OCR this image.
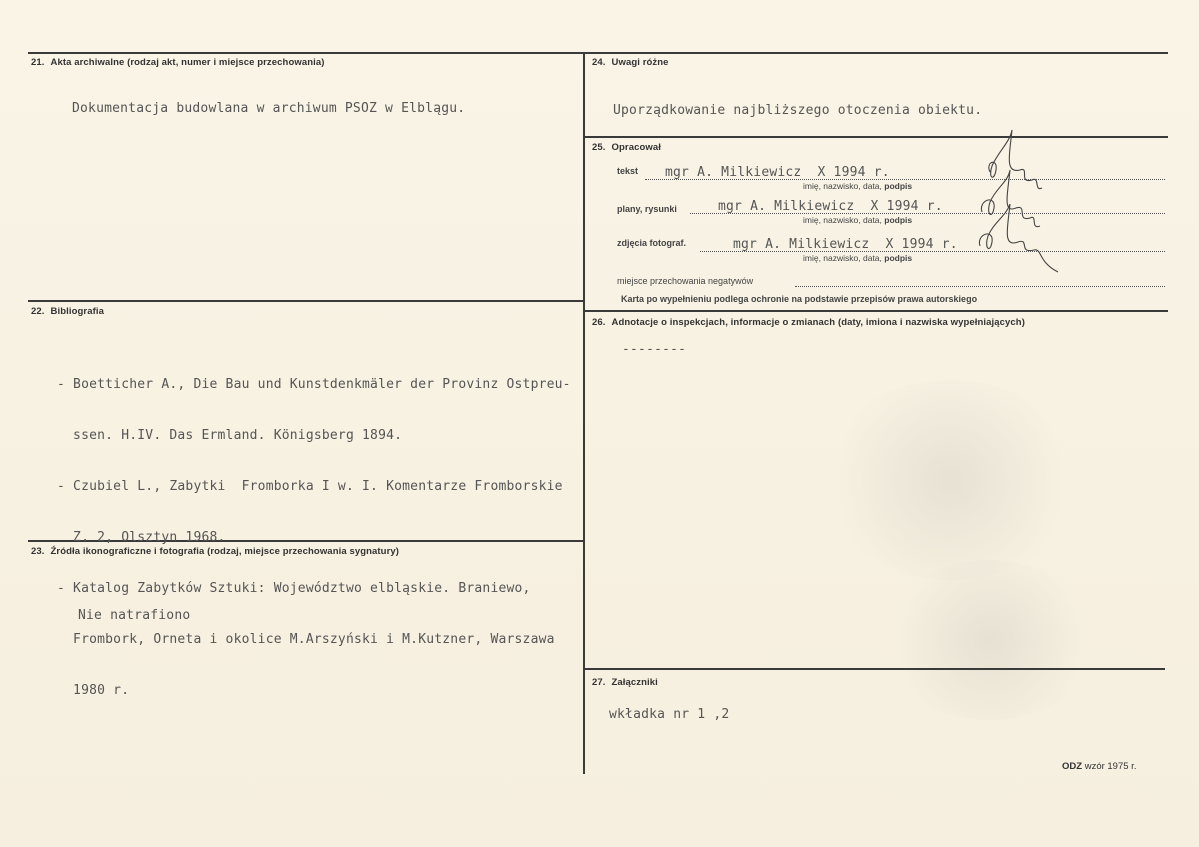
21. Akta archiwalne (rodzaj akt, numer i miejsce przechowania)
Dokumentacja budowlana w archiwum PSOZ w Elblągu.
22. Bibliografia

- Boetticher A., Die Bau und Kunstdenkmäler der Provinz Ostpreu-

ssen. H.IV. Das Ermland. Königsberg 1894.

- Czubiel L., Zabytki  Fromborka I w. I. Komentarze Fromborskie

Z. 2, Olsztyn 1968.

- Katalog Zabytków Sztuki: Województwo elbląskie. Braniewo,

Frombork, Orneta i okolice M.Arszyński i M.Kutzner, Warszawa

1980 r.

23. Źródła ikonograficzne i fotografia (rodzaj, miejsce przechowania sygnatury)
Nie natrafiono
24. Uwagi różne
Uporządkowanie najbliższego otoczenia obiektu.
25. Opracował
tekst mgr A. Milkiewicz  X 1994 r.
imię, nazwisko, data, podpis
plany, rysunki	mgr A. Milkiewicz  X 1994 r.
imię, nazwisko, data, podpis
zdjęcia fotograf.	mgr A. Milkiewicz  X 1994 r.
imię, nazwisko, data, podpis
miejsce przechowania negatywów
Karta po wypełnieniu podlega ochronie na podstawie przepisów prawa autorskiego
26. Adnotacje o inspekcjach, informacje o zmianach (daty, imiona i nazwiska wypełniających)
--------
27. Załączniki
wkładka nr 1 ,2
ODZ wzór 1975 r.
